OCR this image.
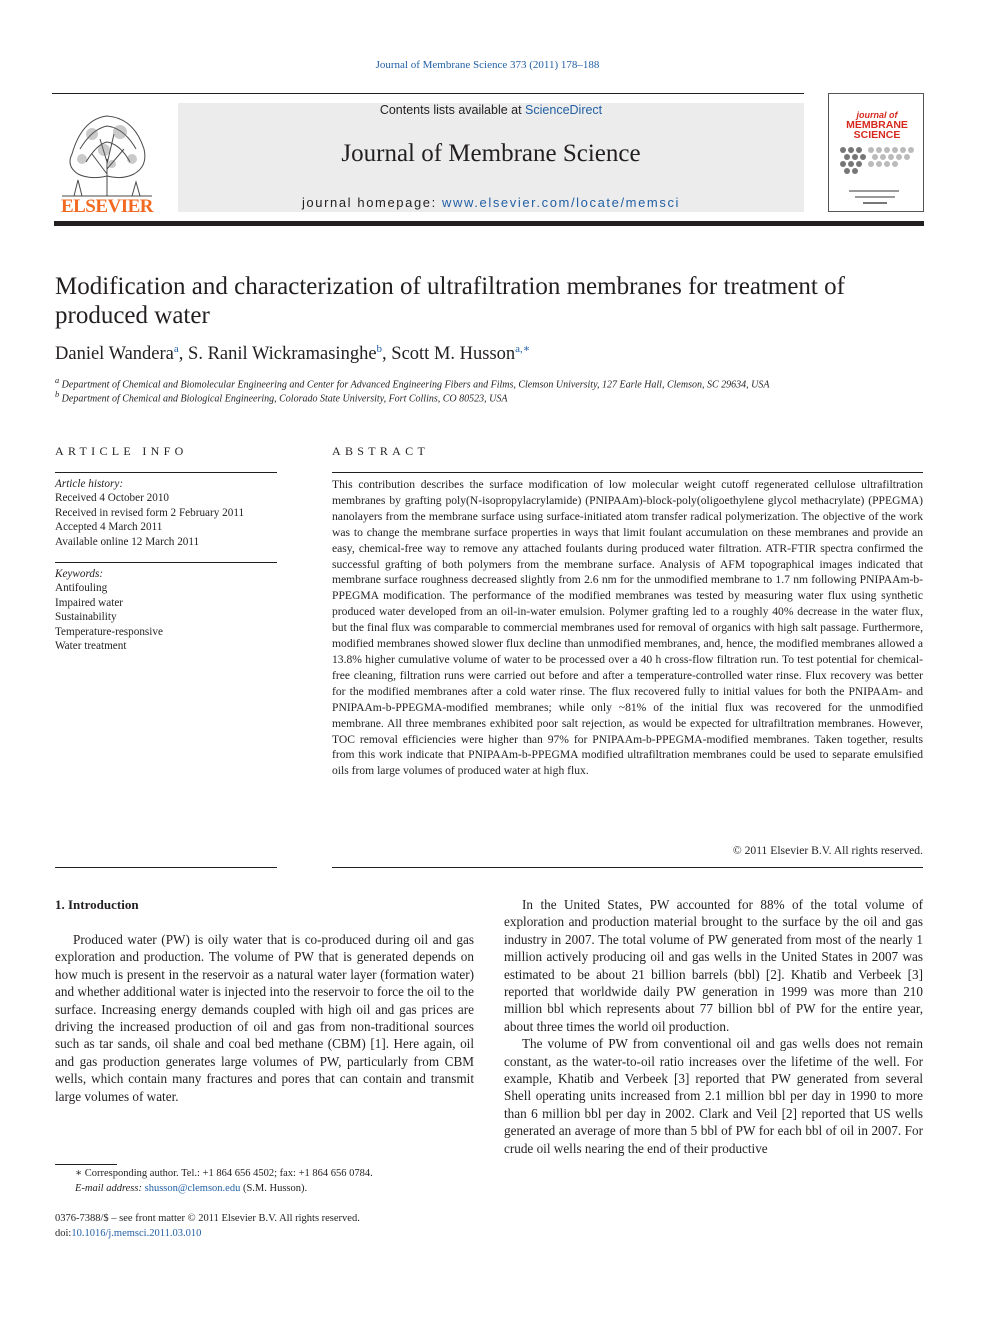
Journal of Membrane Science 373 (2011) 178–188
ELSEVIER
Contents lists available at ScienceDirect
Journal of Membrane Science
journal homepage: www.elsevier.com/locate/memsci
journal of
MEMBRANE
SCIENCE
Modification and characterization of ultrafiltration membranes for treatment of
produced water
Daniel Wandera$^a$, S. Ranil Wickramasinghe$^b$, Scott M. Husson$^{a,∗}$
$^a$ Department of Chemical and Biomolecular Engineering and Center for Advanced Engineering Fibers and Films, Clemson University, 127 Earle Hall, Clemson, SC 29634, USA
$^b$ Department of Chemical and Biological Engineering, Colorado State University, Fort Collins, CO 80523, USA
ARTICLE INFO
Article history:
Received 4 October 2010
Received in revised form 2 February 2011
Accepted 4 March 2011
Available online 12 March 2011
Keywords:
Antifouling
Impaired water
Sustainability
Temperature-responsive
Water treatment
ABSTRACT
This contribution describes the surface modification of low molecular weight cutoff regenerated cellulose ultrafiltration membranes by grafting poly(N-isopropylacrylamide) (PNIPAAm)-block-poly(oligoethylene glycol methacrylate) (PPEGMA) nanolayers from the membrane surface using surface-initiated atom transfer radical polymerization. The objective of the work was to change the membrane surface properties in ways that limit foulant accumulation on these membranes and provide an easy, chemical-free way to remove any attached foulants during produced water filtration. ATR-FTIR spectra confirmed the successful grafting of both polymers from the membrane surface. Analysis of AFM topographical images indicated that membrane surface roughness decreased slightly from 2.6 nm for the unmodified membrane to 1.7 nm following PNIPAAm-b-PPEGMA modification. The performance of the modified membranes was tested by measuring water flux using synthetic produced water developed from an oil-in-water emulsion. Polymer grafting led to a roughly 40% decrease in the water flux, but the final flux was comparable to commercial membranes used for removal of organics with high salt passage. Furthermore, modified membranes showed slower flux decline than unmodified membranes, and, hence, the modified membranes allowed a 13.8% higher cumulative volume of water to be processed over a 40 h cross-flow filtration run. To test potential for chemical-free cleaning, filtration runs were carried out before and after a temperature-controlled water rinse. Flux recovery was better for the modified membranes after a cold water rinse. The flux recovered fully to initial values for both the PNIPAAm- and PNIPAAm-b-PPEGMA-modified membranes; while only ~81% of the initial flux was recovered for the unmodified membrane. All three membranes exhibited poor salt rejection, as would be expected for ultrafiltration membranes. However, TOC removal efficiencies were higher than 97% for PNIPAAm-b-PPEGMA-modified membranes. Taken together, results from this work indicate that PNIPAAm-b-PPEGMA modified ultrafiltration membranes could be used to separate emulsified oils from large volumes of produced water at high flux.
© 2011 Elsevier B.V. All rights reserved.
1. Introduction

Produced water (PW) is oily water that is co-produced during oil and gas exploration and production. The volume of PW that is generated depends on how much is present in the reservoir as a natural water layer (formation water) and whether additional water is injected into the reservoir to force the oil to the surface. Increasing energy demands coupled with high oil and gas prices are driving the increased production of oil and gas from non-traditional sources such as tar sands, oil shale and coal bed methane (CBM) [1]. Here again, oil and gas production generates large volumes of PW, particularly from CBM wells, which contain many fractures and pores that can contain and transmit large volumes of water.

In the United States, PW accounted for 88% of the total volume of exploration and production material brought to the surface by the oil and gas industry in 2007. The total volume of PW generated from most of the nearly 1 million actively producing oil and gas wells in the United States in 2007 was estimated to be about 21 billion barrels (bbl) [2]. Khatib and Verbeek [3] reported that worldwide daily PW generation in 1999 was more than 210 million bbl which represents about 77 billion bbl of PW for the entire year, about three times the world oil production.

The volume of PW from conventional oil and gas wells does not remain constant, as the water-to-oil ratio increases over the lifetime of the well. For example, Khatib and Verbeek [3] reported that PW generated from several Shell operating units increased from 2.1 million bbl per day in 1990 to more than 6 million bbl per day in 2002. Clark and Veil [2] reported that US wells generated an average of more than 5 bbl of PW for each bbl of oil in 2007. For crude oil wells nearing the end of their productive

∗ Corresponding author. Tel.: +1 864 656 4502; fax: +1 864 656 0784.
E-mail address: shusson@clemson.edu (S.M. Husson).
0376-7388/$ – see front matter © 2011 Elsevier B.V. All rights reserved.
doi:10.1016/j.memsci.2011.03.010
